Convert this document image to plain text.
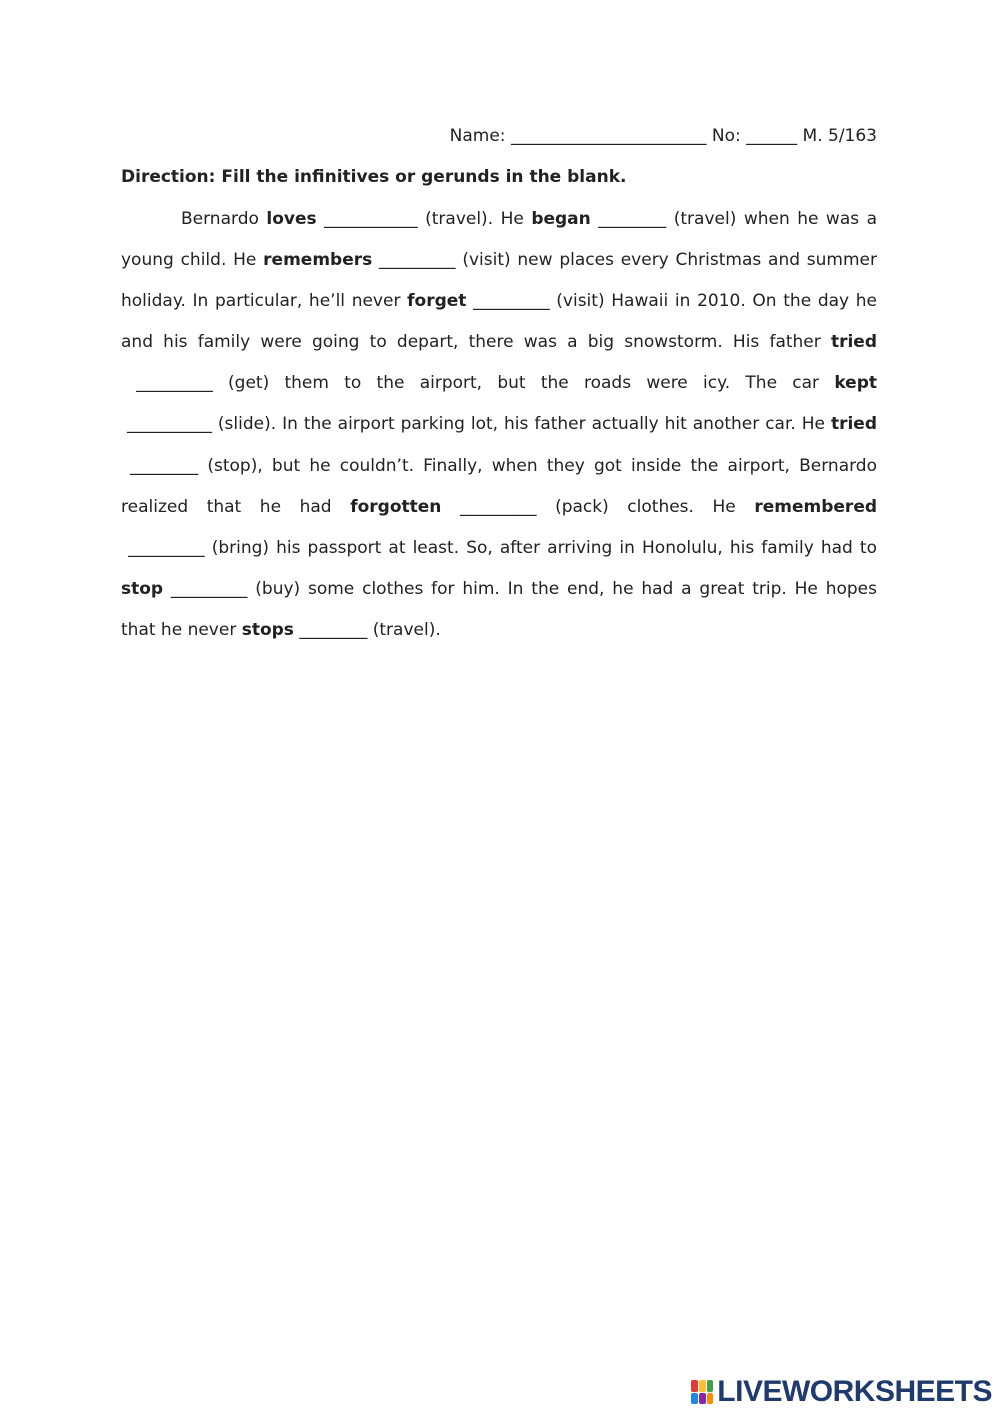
Name: _______________________ No: ______ M. 5/163
Direction: Fill the infinitives or gerunds in the blank.

Bernardo loves ___________ (travel). He began ________ (travel) when he was a young child. He remembers _________ (visit) new places every Christmas and summer holiday. In particular, he’ll never forget _________ (visit) Hawaii in 2010. On the day he and his family were going to depart, there was a big snowstorm. His father tried _________ (get) them to the airport, but the roads were icy. The car kept __________ (slide). In the airport parking lot, his father actually hit another car. He tried ________ (stop), but he couldn’t. Finally, when they got inside the airport, Bernardo realized that he had forgotten _________ (pack) clothes. He remembered _________ (bring) his passport at least. So, after arriving in Honolulu, his family had to stop _________ (buy) some clothes for him. In the end, he had a great trip. He hopes that he never stops ________ (travel).

LIVEWORKSHEETS
